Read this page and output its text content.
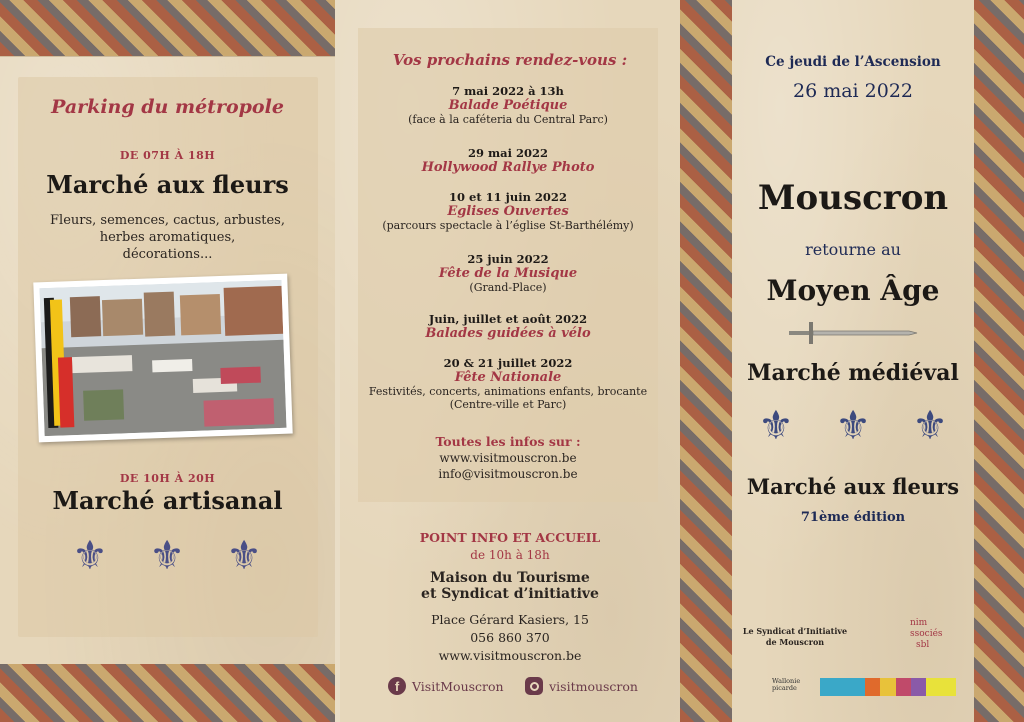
Parking du métropole
DE 07H À 18H
Marché aux fleurs
Fleurs, semences, cactus, arbustes,
herbes aromatiques,
décorations...
DE 10H À 20H
Marché artisanal
⚜ ⚜ ⚜
Vos prochains rendez-vous :
7 mai 2022 à 13h
Balade Poétique
(face à la caféteria du Central Parc)
29 mai 2022
Hollywood Rallye Photo
10 et 11 juin 2022
Eglises Ouvertes
(parcours spectacle à l’église St-Barthélémy)
25 juin 2022
Fête de la Musique
(Grand-Place)
Juin, juillet et août 2022
Balades guidées à vélo
20 & 21 juillet 2022
Fête Nationale
Festivités, concerts, animations enfants, brocante
(Centre-ville et Parc)
Toutes les infos sur :
www.visitmouscron.be
info@visitmouscron.be
POINT INFO ET ACCUEIL
de 10h à 18h
Maison du Tourisme
et Syndicat d’initiative
Place Gérard Kasiers, 15
056 860 370
www.visitmouscron.be
f	VisitMouscron	visitmouscron
Ce jeudi de l’Ascension
26 mai 2022
Mouscron
retourne au
Moyen Âge
Marché médiéval
⚜ ⚜ ⚜
Marché aux fleurs
71ème édition
Le Syndicat d’Initiative
de Mouscron
nim
ssociés
sbl
Wallonie
picarde
